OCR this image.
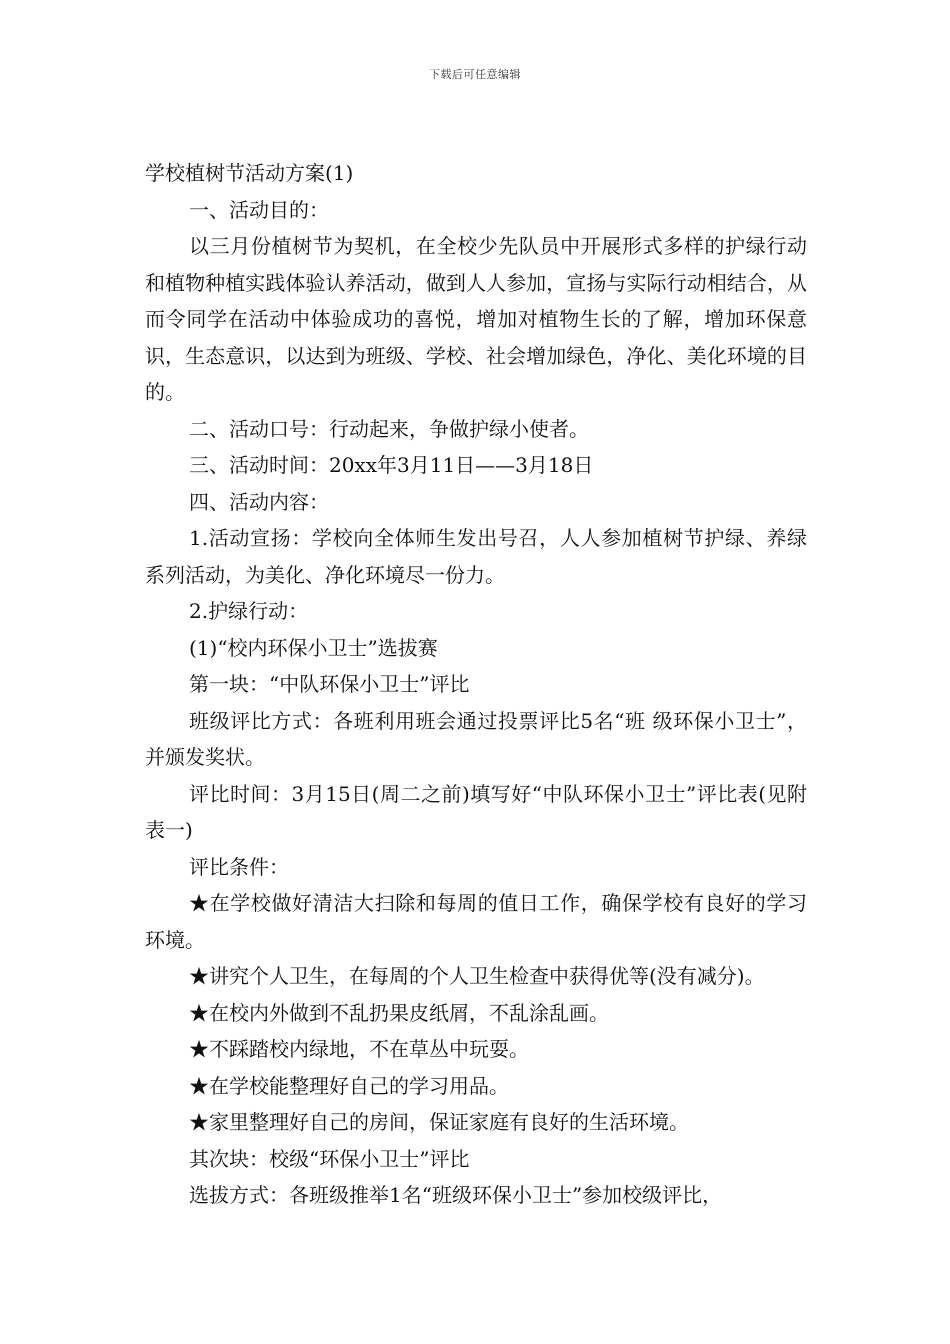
下载后可任意编辑

学校植树节活动方案(1)

一、活动目的：

以三月份植树节为契机，在全校少先队员中开展形式多样的护绿行动和植物种植实践体验认养活动，做到人人参加，宣扬与实际行动相结合，从而令同学在活动中体验成功的喜悦，增加对植物生长的了解，增加环保意识，生态意识，以达到为班级、学校、社会增加绿色，净化、美化环境的目的。

二、活动口号：行动起来，争做护绿小使者。

三、活动时间：20xx年3月11日——3月18日

四、活动内容：

1.活动宣扬：学校向全体师生发出号召，人人参加植树节护绿、养绿系列活动，为美化、净化环境尽一份力。

2.护绿行动：

(1)“校内环保小卫士”选拔赛

第一块：“中队环保小卫士”评比

班级评比方式：各班利用班会通过投票评比5名“班 级环保小卫士”，并颁发奖状。

评比时间：3月15日(周二之前)填写好“中队环保小卫士”评比表(见附表一)

评比条件：

★在学校做好清洁大扫除和每周的值日工作，确保学校有良好的学习环境。

★讲究个人卫生，在每周的个人卫生检查中获得优等(没有减分)。

★在校内外做到不乱扔果皮纸屑，不乱涂乱画。

★不踩踏校内绿地，不在草丛中玩耍。

★在学校能整理好自己的学习用品。

★家里整理好自己的房间，保证家庭有良好的生活环境。

其次块：校级“环保小卫士”评比

选拔方式：各班级推举1名“班级环保小卫士”参加校级评比，
